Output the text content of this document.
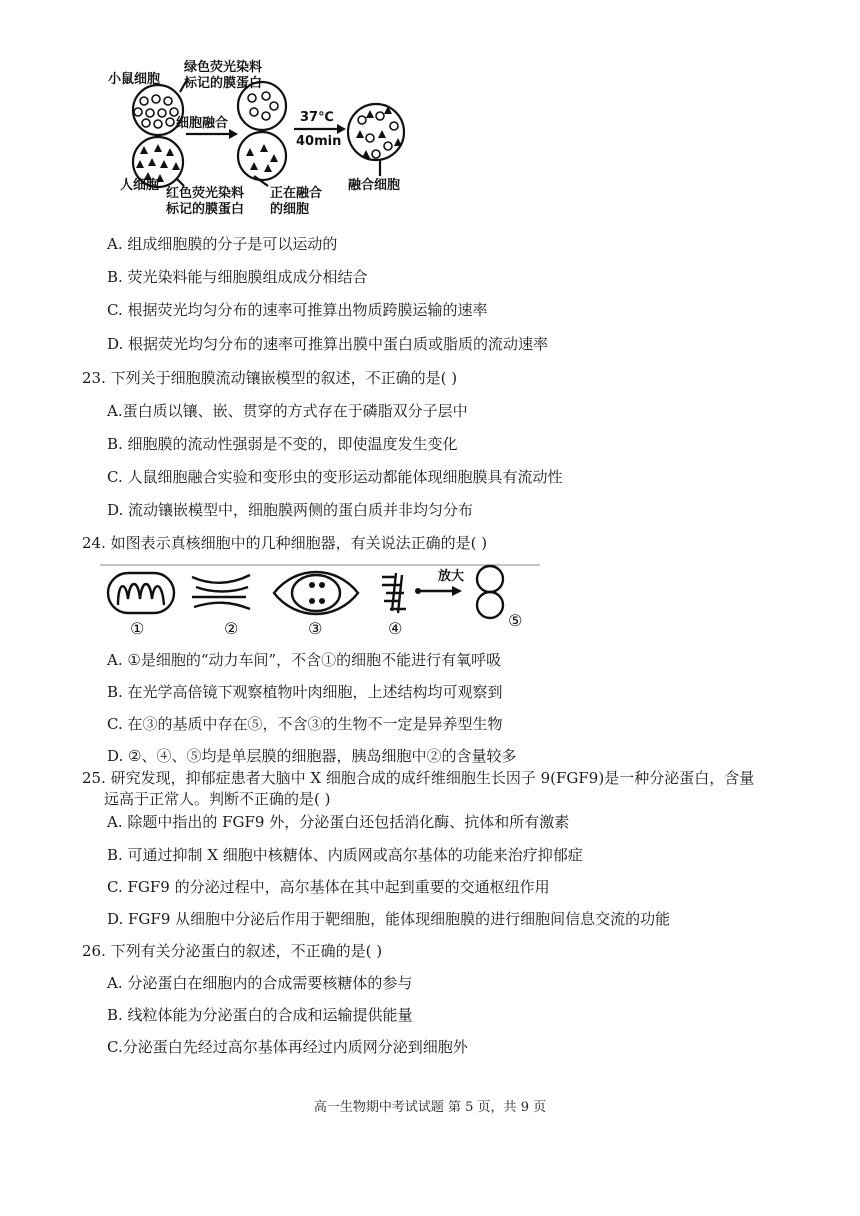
小鼠细胞
绿色荧光染料
标记的膜蛋白
细胞融合	37℃
40min
人细胞
红色荧光染料
标记的膜蛋白
正在融合
的细胞
融合细胞
A. 组成细胞膜的分子是可以运动的
B. 荧光染料能与细胞膜组成成分相结合
C. 根据荧光均匀分布的速率可推算出物质跨膜运输的速率
D. 根据荧光均匀分布的速率可推算出膜中蛋白质或脂质的流动速率
23. 下列关于细胞膜流动镶嵌模型的叙述，不正确的是( )
A.蛋白质以镶、嵌、贯穿的方式存在于磷脂双分子层中
B. 细胞膜的流动性强弱是不变的，即使温度发生变化
C. 人鼠细胞融合实验和变形虫的变形运动都能体现细胞膜具有流动性
D. 流动镶嵌模型中，细胞膜两侧的蛋白质并非均匀分布
24. 如图表示真核细胞中的几种细胞器，有关说法正确的是( )
放大
①	②	③	④	⑤
A. ①是细胞的“动力车间”，不含①的细胞不能进行有氧呼吸
B. 在光学高倍镜下观察植物叶肉细胞，上述结构均可观察到
C. 在③的基质中存在⑤，不含③的生物不一定是异养型生物
D. ②、④、⑤均是单层膜的细胞器，胰岛细胞中②的含量较多
25. 研究发现，抑郁症患者大脑中 X 细胞合成的成纤维细胞生长因子 9(FGF9)是一种分泌蛋白，含量
远高于正常人。判断不正确的是( )
A. 除题中指出的 FGF9 外，分泌蛋白还包括消化酶、抗体和所有激素
B. 可通过抑制 X 细胞中核糖体、内质网或高尔基体的功能来治疗抑郁症
C. FGF9 的分泌过程中，高尔基体在其中起到重要的交通枢纽作用
D. FGF9 从细胞中分泌后作用于靶细胞，能体现细胞膜的进行细胞间信息交流的功能
26. 下列有关分泌蛋白的叙述，不正确的是( )
A. 分泌蛋白在细胞内的合成需要核糖体的参与
B. 线粒体能为分泌蛋白的合成和运输提供能量
C.分泌蛋白先经过高尔基体再经过内质网分泌到细胞外
高一生物期中考试试题 第 5 页，共 9 页
